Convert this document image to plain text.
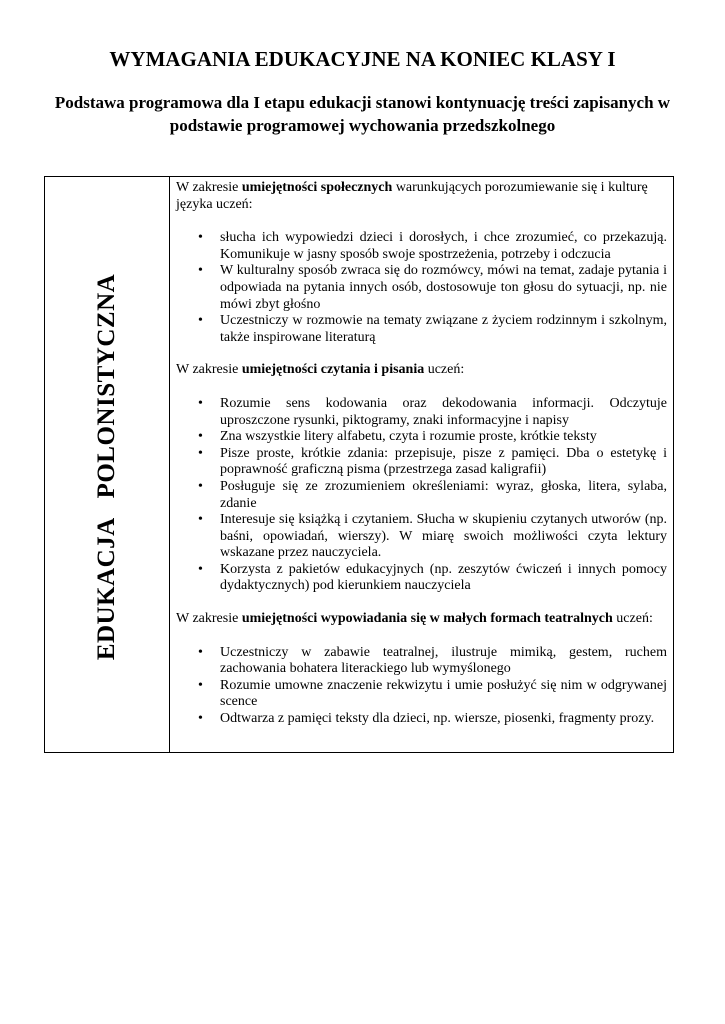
WYMAGANIA EDUKACYJNE NA KONIEC KLASY I
Podstawa programowa dla I etapu edukacji stanowi kontynuację treści zapisanych w podstawie programowej wychowania przedszkolnego
EDUKACJA   POLONISTYCZNA

W zakresie umiejętności społecznych warunkujących porozumiewanie się i kulturę języka uczeń:

• słucha ich wypowiedzi dzieci i dorosłych, i chce zrozumieć, co przekazują. Komunikuje w jasny sposób swoje spostrzeżenia, potrzeby i odczucia
• W kulturalny sposób zwraca się do rozmówcy, mówi na temat, zadaje pytania i odpowiada na pytania innych osób, dostosowuje ton głosu do sytuacji, np. nie mówi zbyt głośno
• Uczestniczy w rozmowie na tematy związane z życiem rodzinnym i szkolnym, także inspirowane literaturą

W zakresie umiejętności czytania i pisania uczeń:

• Rozumie sens kodowania oraz dekodowania informacji. Odczytuje uproszczone rysunki, piktogramy, znaki informacyjne i napisy
• Zna wszystkie litery alfabetu, czyta i rozumie proste, krótkie teksty
• Pisze proste, krótkie zdania: przepisuje, pisze z pamięci. Dba o estetykę i poprawność graficzną pisma (przestrzega zasad kaligrafii)
• Posługuje się ze zrozumieniem określeniami: wyraz, głoska, litera, sylaba, zdanie
• Interesuje się książką i czytaniem. Słucha w skupieniu czytanych utworów (np. baśni, opowiadań, wierszy). W miarę swoich możliwości czyta lektury wskazane przez nauczyciela.
• Korzysta z pakietów edukacyjnych (np. zeszytów ćwiczeń i innych pomocy dydaktycznych) pod kierunkiem nauczyciela

W zakresie umiejętności wypowiadania się w małych formach teatralnych uczeń:

• Uczestniczy w zabawie teatralnej, ilustruje mimiką, gestem, ruchem zachowania bohatera literackiego lub wymyślonego
• Rozumie umowne znaczenie rekwizytu i umie posłużyć się nim w odgrywanej scence
• Odtwarza z pamięci teksty dla dzieci, np. wiersze, piosenki, fragmenty prozy.
